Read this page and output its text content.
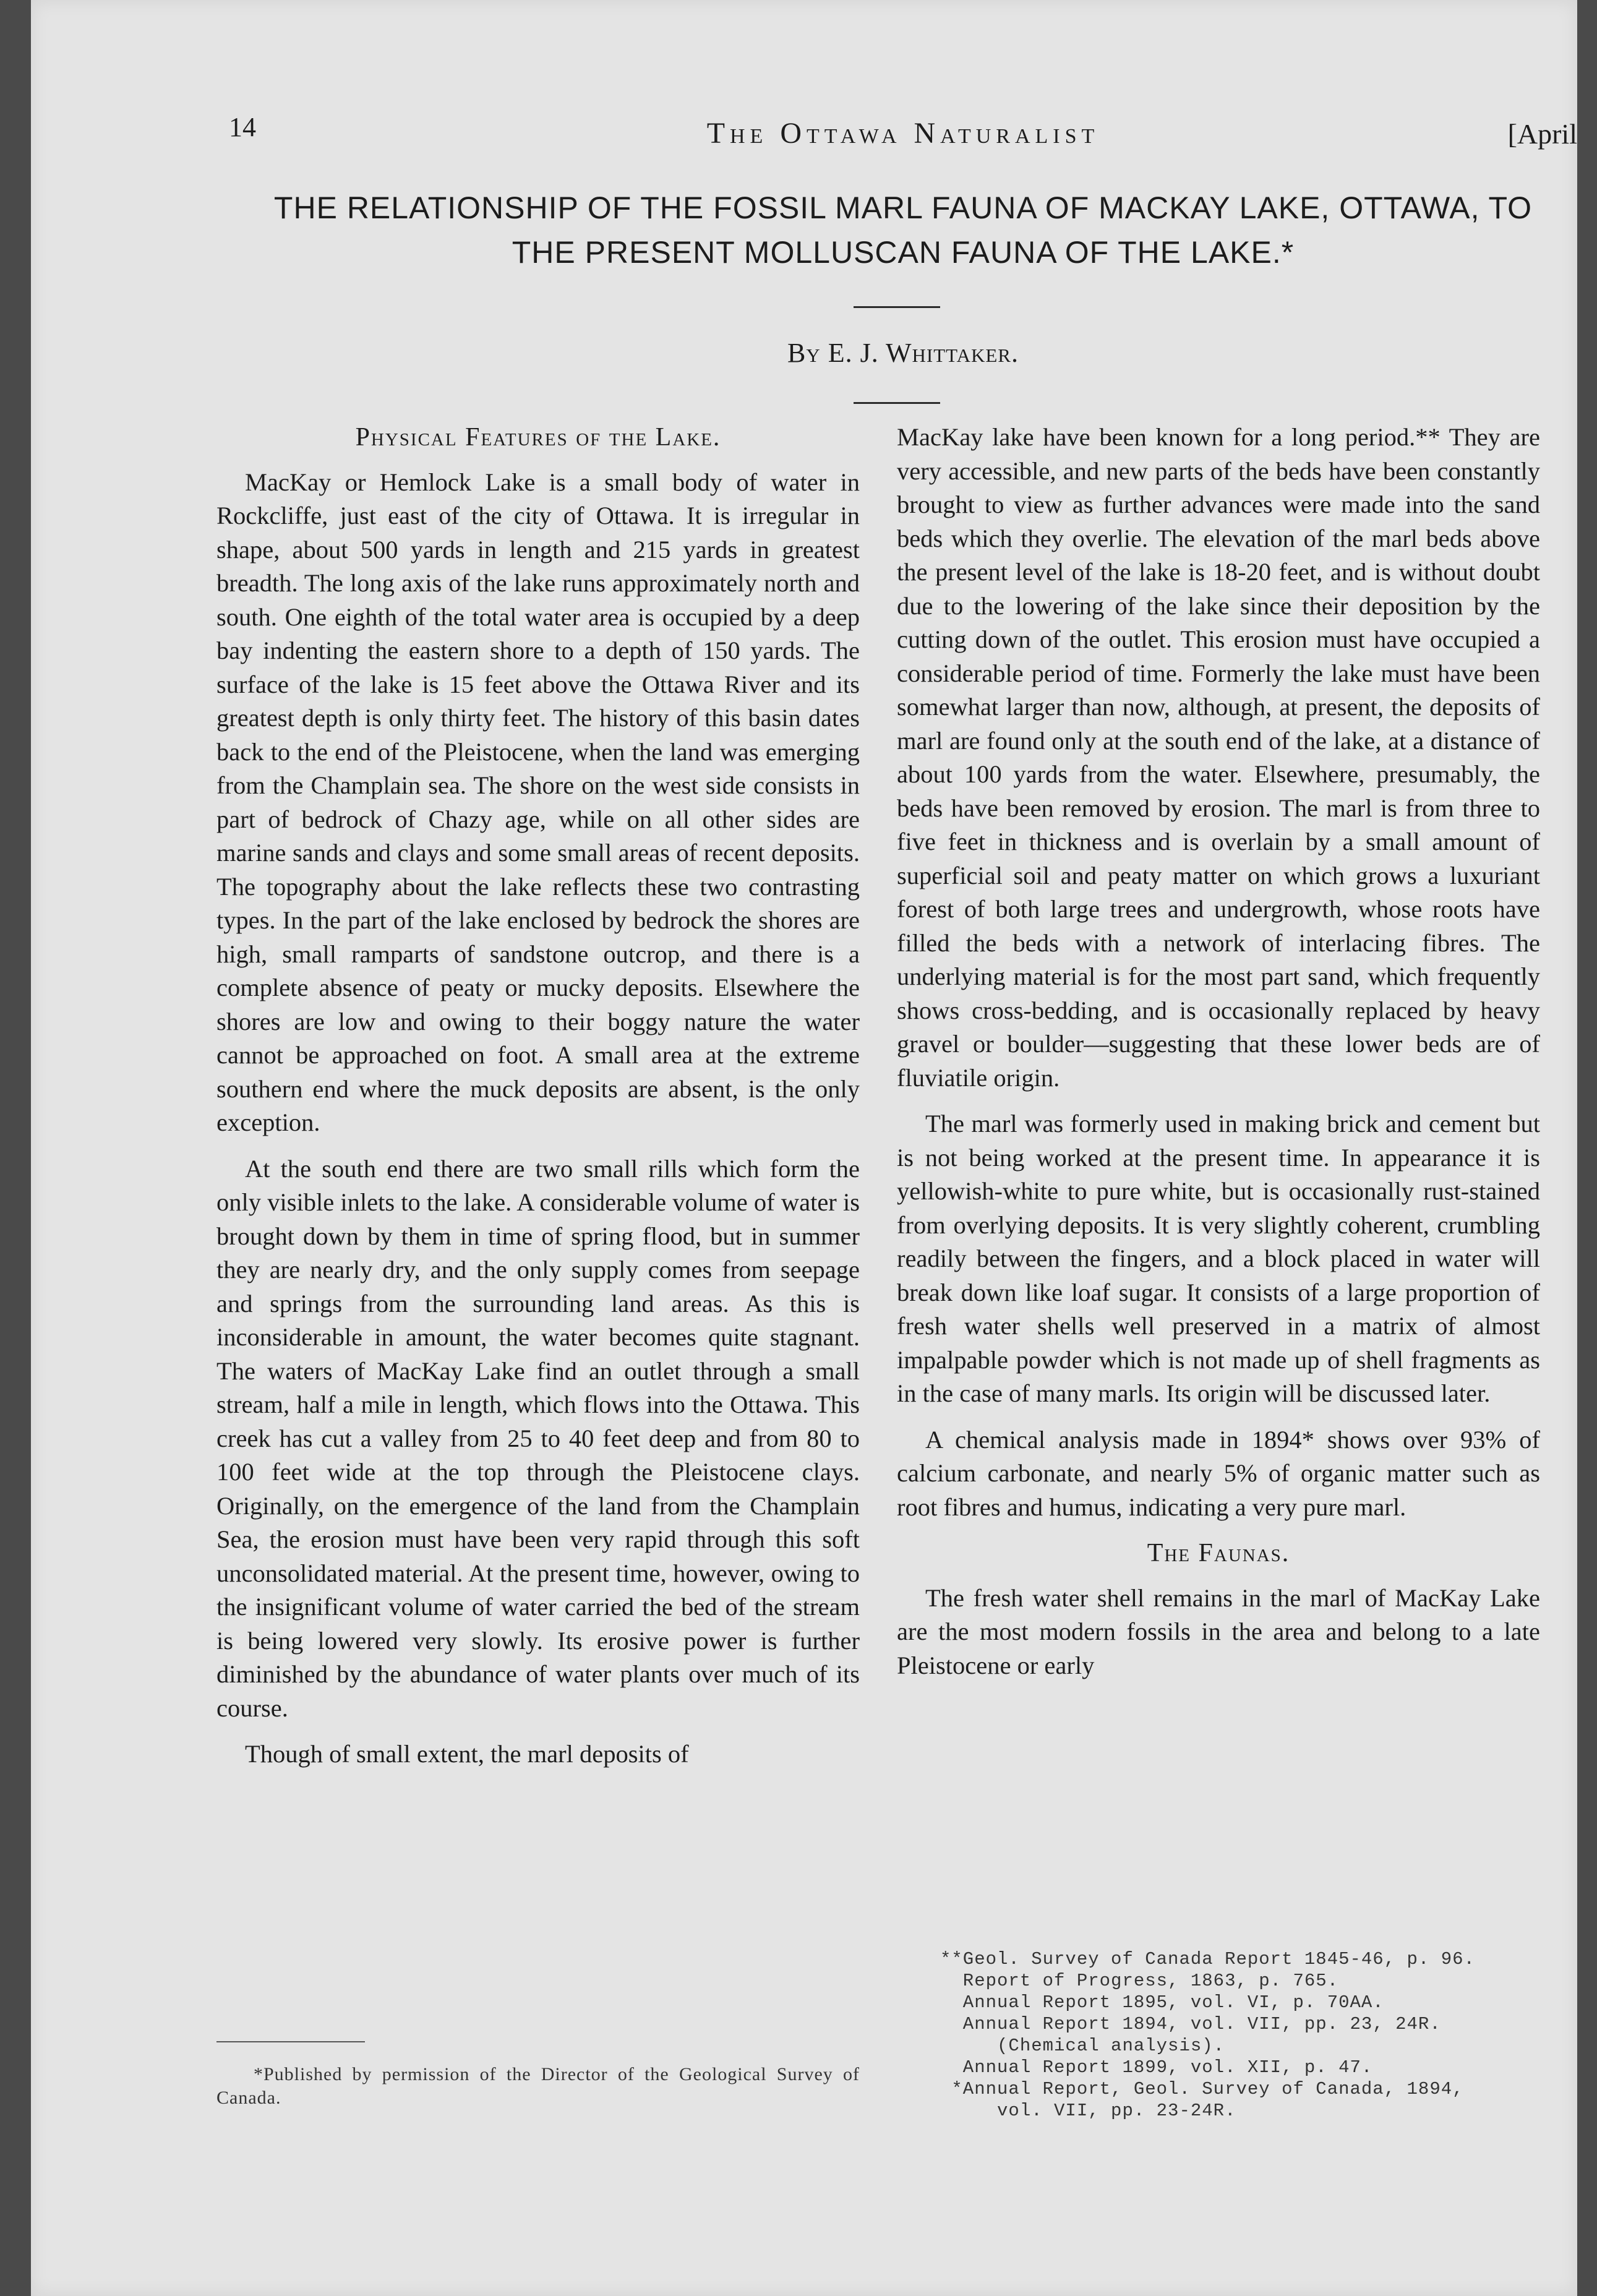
14	The Ottawa Naturalist	[April
THE RELATIONSHIP OF THE FOSSIL MARL FAUNA OF MACKAY LAKE, OTTAWA, TO THE PRESENT MOLLUSCAN FAUNA OF THE LAKE.*
By E. J. Whittaker.
Physical Features of the Lake.

MacKay or Hemlock Lake is a small body of water in Rockcliffe, just east of the city of Ottawa. It is irregular in shape, about 500 yards in length and 215 yards in greatest breadth. The long axis of the lake runs approximately north and south. One eighth of the total water area is occupied by a deep bay indenting the eastern shore to a depth of 150 yards. The surface of the lake is 15 feet above the Ottawa River and its greatest depth is only thirty feet. The history of this basin dates back to the end of the Pleistocene, when the land was emerging from the Champlain sea. The shore on the west side consists in part of bedrock of Chazy age, while on all other sides are marine sands and clays and some small areas of recent deposits. The topography about the lake reflects these two contrasting types. In the part of the lake enclosed by bedrock the shores are high, small ramparts of sandstone outcrop, and there is a complete absence of peaty or mucky deposits. Elsewhere the shores are low and owing to their boggy nature the water cannot be approached on foot. A small area at the extreme southern end where the muck deposits are absent, is the only exception.

At the south end there are two small rills which form the only visible inlets to the lake. A considerable volume of water is brought down by them in time of spring flood, but in summer they are nearly dry, and the only supply comes from seepage and springs from the surrounding land areas. As this is inconsiderable in amount, the water becomes quite stagnant. The waters of MacKay Lake find an outlet through a small stream, half a mile in length, which flows into the Ottawa. This creek has cut a valley from 25 to 40 feet deep and from 80 to 100 feet wide at the top through the Pleistocene clays. Originally, on the emergence of the land from the Champlain Sea, the erosion must have been very rapid through this soft unconsolidated material. At the present time, however, owing to the insignificant volume of water carried the bed of the stream is being lowered very slowly. Its erosive power is further diminished by the abundance of water plants over much of its course.

Though of small extent, the marl deposits of

MacKay lake have been known for a long period.** They are very accessible, and new parts of the beds have been constantly brought to view as further advances were made into the sand beds which they overlie. The elevation of the marl beds above the present level of the lake is 18-20 feet, and is without doubt due to the lowering of the lake since their deposition by the cutting down of the outlet. This erosion must have occupied a considerable period of time. Formerly the lake must have been somewhat larger than now, although, at present, the deposits of marl are found only at the south end of the lake, at a distance of about 100 yards from the water. Elsewhere, presumably, the beds have been removed by erosion. The marl is from three to five feet in thickness and is overlain by a small amount of superficial soil and peaty matter on which grows a luxuriant forest of both large trees and undergrowth, whose roots have filled the beds with a network of interlacing fibres. The underlying material is for the most part sand, which frequently shows cross-bedding, and is occasionally replaced by heavy gravel or boulder—suggesting that these lower beds are of fluviatile origin.

The marl was formerly used in making brick and cement but is not being worked at the present time. In appearance it is yellowish-white to pure white, but is occasionally rust-stained from overlying deposits. It is very slightly coherent, crumbling readily between the fingers, and a block placed in water will break down like loaf sugar. It consists of a large proportion of fresh water shells well preserved in a matrix of almost impalpable powder which is not made up of shell fragments as in the case of many marls. Its origin will be discussed later.

A chemical analysis made in 1894* shows over 93% of calcium carbonate, and nearly 5% of organic matter such as root fibres and humus, indicating a very pure marl.

The Faunas.

The fresh water shell remains in the marl of MacKay Lake are the most modern fossils in the area and belong to a late Pleistocene or early

*Published by permission of the Director of the Geological Survey of Canada.
**Geol. Survey of Canada Report 1845-46, p. 96.
Report of Progress, 1863, p. 765.
Annual Report 1895, vol. VI, p. 70AA.
Annual Report 1894, vol. VII, pp. 23, 24R.
(Chemical analysis).
Annual Report 1899, vol. XII, p. 47.
*Annual Report, Geol. Survey of Canada, 1894,
vol. VII, pp. 23-24R.
